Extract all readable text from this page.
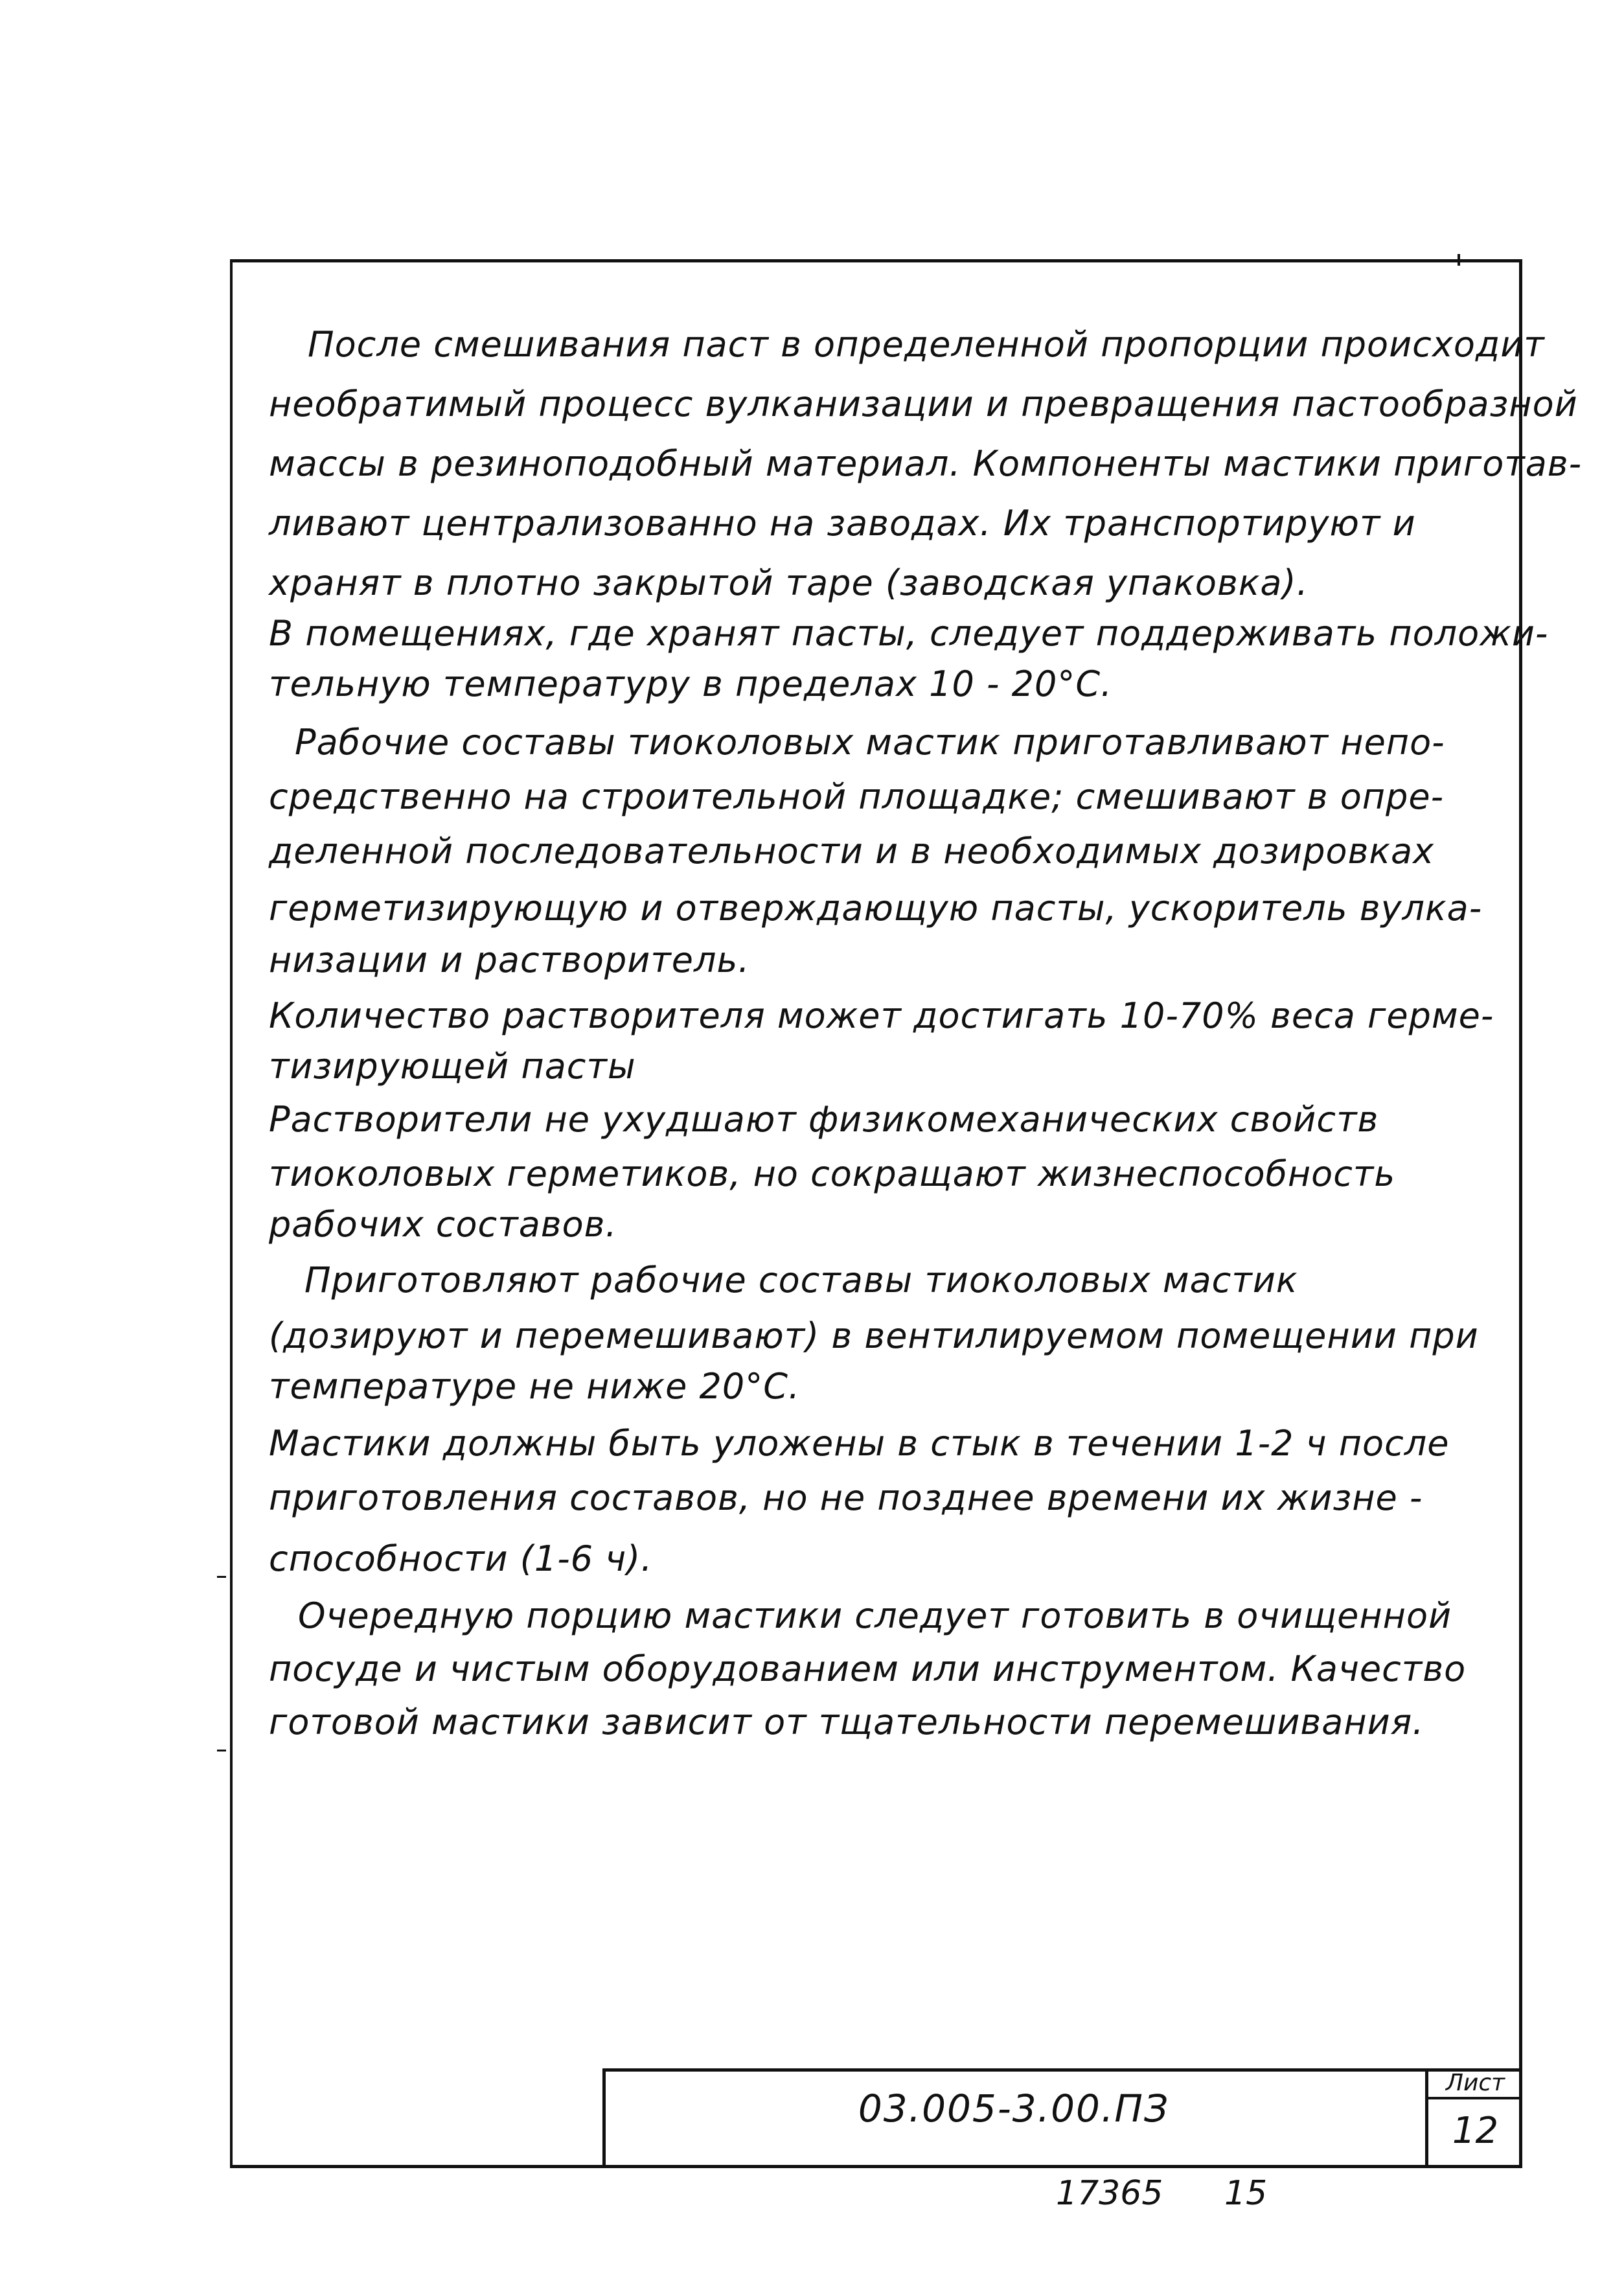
После смешивания паст в определенной пропорции происходит
необратимый процесс вулканизации и превращения пастообразной
массы в резиноподобный материал. Компоненты мастики приготав-
ливают централизованно на заводах. Их транспортируют и
хранят в плотно закрытой таре (заводская упаковка).
В помещениях, где хранят пасты, следует поддерживать положи-
тельную температуру в пределах 10 - 20°С.
Рабочие составы тиоколовых мастик приготавливают непо-
средственно на строительной площадке; смешивают в опре-
деленной последовательности и в необходимых дозировках
герметизирующую и отверждающую пасты, ускоритель вулка-
низации и растворитель.
Количество растворителя может достигать 10-70% веса герме-
тизирующей пасты
Растворители не ухудшают физикомеханических свойств
тиоколовых герметиков, но сокращают жизнеспособность
рабочих составов.
Приготовляют рабочие составы тиоколовых мастик
(дозируют и перемешивают) в вентилируемом помещении при
температуре не ниже 20°С.
Мастики должны быть уложены в стык в течении 1-2 ч после
приготовления составов, но не позднее времени их жизне -
способности (1-6 ч).
Очередную порцию мастики следует готовить в очищенной
посуде и чистым оборудованием или инструментом. Качество
готовой мастики зависит от тщательности перемешивания.
03.005-3.00.ПЗ
Лист
12
17365 15
